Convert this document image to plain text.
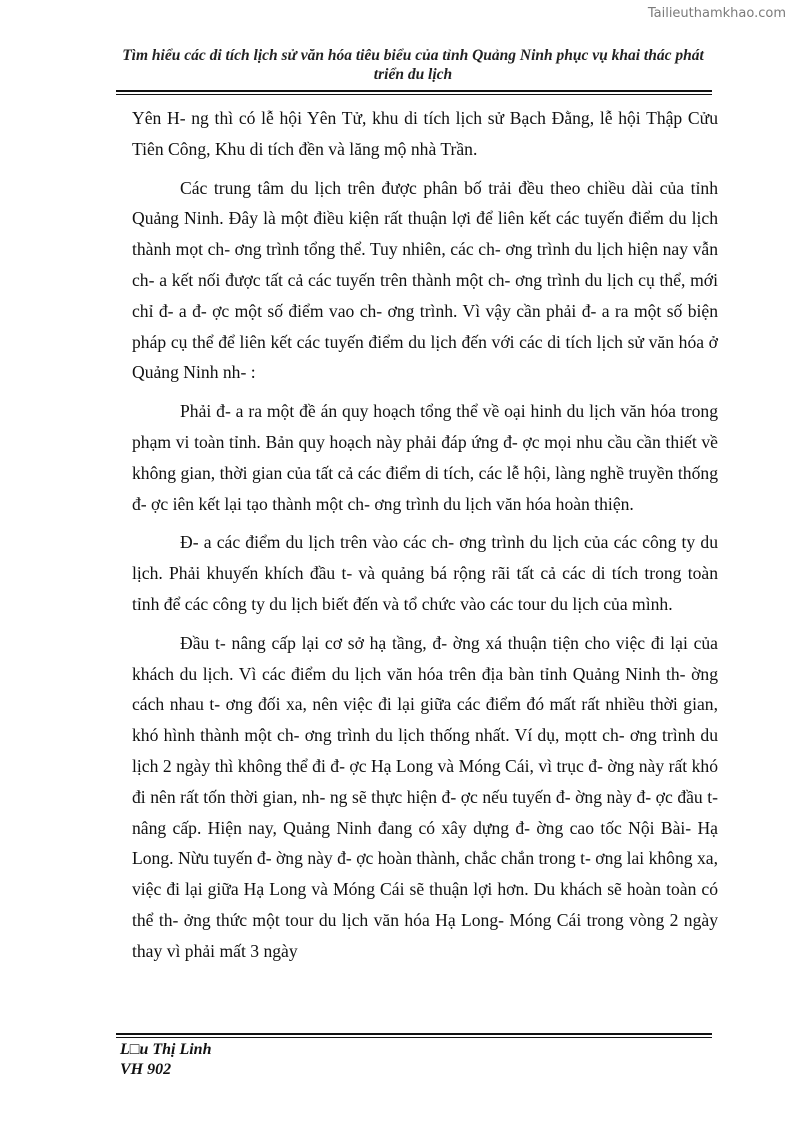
Tailieuthamkhao.com
Tìm hiểu các di tích lịch sử văn hóa tiêu biểu của tỉnh Quảng Ninh phục vụ khai thác phát triển du lịch

Yên H- ng thì có lễ hội Yên Tử, khu di tích lịch sử Bạch Đằng, lễ hội Thập Cửu Tiên Công, Khu di tích đền và lăng mộ nhà Trần.

Các trung tâm du lịch trên được phân bố trải đều theo chiều dài của tỉnh Quảng Ninh. Đây là một điều kiện rất thuận lợi để liên kết các tuyến điểm du lịch thành mọt ch- ơng trình tổng thể. Tuy nhiên, các ch- ơng trình du lịch hiện nay vẫn ch- a kết nối được tất cả các tuyến trên thành một ch- ơng trình du lịch cụ thể, mới chỉ đ- a đ- ợc một số điểm vao ch- ơng trình. Vì vậy cần phải đ- a ra một số biện pháp cụ thể để liên kết các tuyến điểm du lịch đến với các di tích lịch sử văn hóa ở Quảng Ninh nh- :

Phải đ- a ra một đề án quy hoạch tổng thể về oại hinh du lịch văn hóa trong phạm vi toàn tỉnh. Bản quy hoạch này phải đáp ứng đ- ợc mọi nhu cầu cần thiết về không gian, thời gian của tất cả các điểm di tích, các lễ hội, làng nghề truyền thống đ- ợc iên kết lại tạo thành một ch- ơng trình du lịch văn hóa hoàn thiện.

Đ- a các điểm du lịch trên vào các ch- ơng trình du lịch của các công ty du lịch. Phải khuyến khích đầu t- và quảng bá rộng rãi tất cả các di tích trong toàn tỉnh để các công ty du lịch biết đến và tổ chức vào các tour du lịch của mình.

Đầu t- nâng cấp lại cơ sở hạ tầng, đ- ờng xá thuận tiện cho việc đi lại của khách du lịch. Vì các điểm du lịch văn hóa trên địa bàn tỉnh Quảng Ninh th- ờng cách nhau t- ơng đối xa, nên việc đi lại giữa các điểm đó mất rất nhiều thời gian, khó hình thành một ch- ơng trình du lịch thống nhất. Ví dụ, mọtt ch- ơng trình du lịch 2 ngày thì không thể đi đ- ợc Hạ Long và Móng Cái, vì trục đ- ờng này rất khó đi nên rất tốn thời gian, nh- ng sẽ thực hiện đ- ợc nếu tuyến đ- ờng này đ- ợc đầu t- nâng cấp. Hiện nay, Quảng Ninh đang có xây dựng đ- ờng cao tốc Nội Bài- Hạ Long. Nừu tuyến đ- ờng này đ- ợc hoàn thành, chắc chắn trong t- ơng lai không xa, việc đi lại giữa Hạ Long và Móng Cái sẽ thuận lợi hơn. Du khách sẽ hoàn toàn có thể th- ởng thức một tour du lịch văn hóa Hạ Long- Móng Cái trong vòng 2 ngày thay vì phải mất 3 ngày

L□u Thị Linh
VH 902
